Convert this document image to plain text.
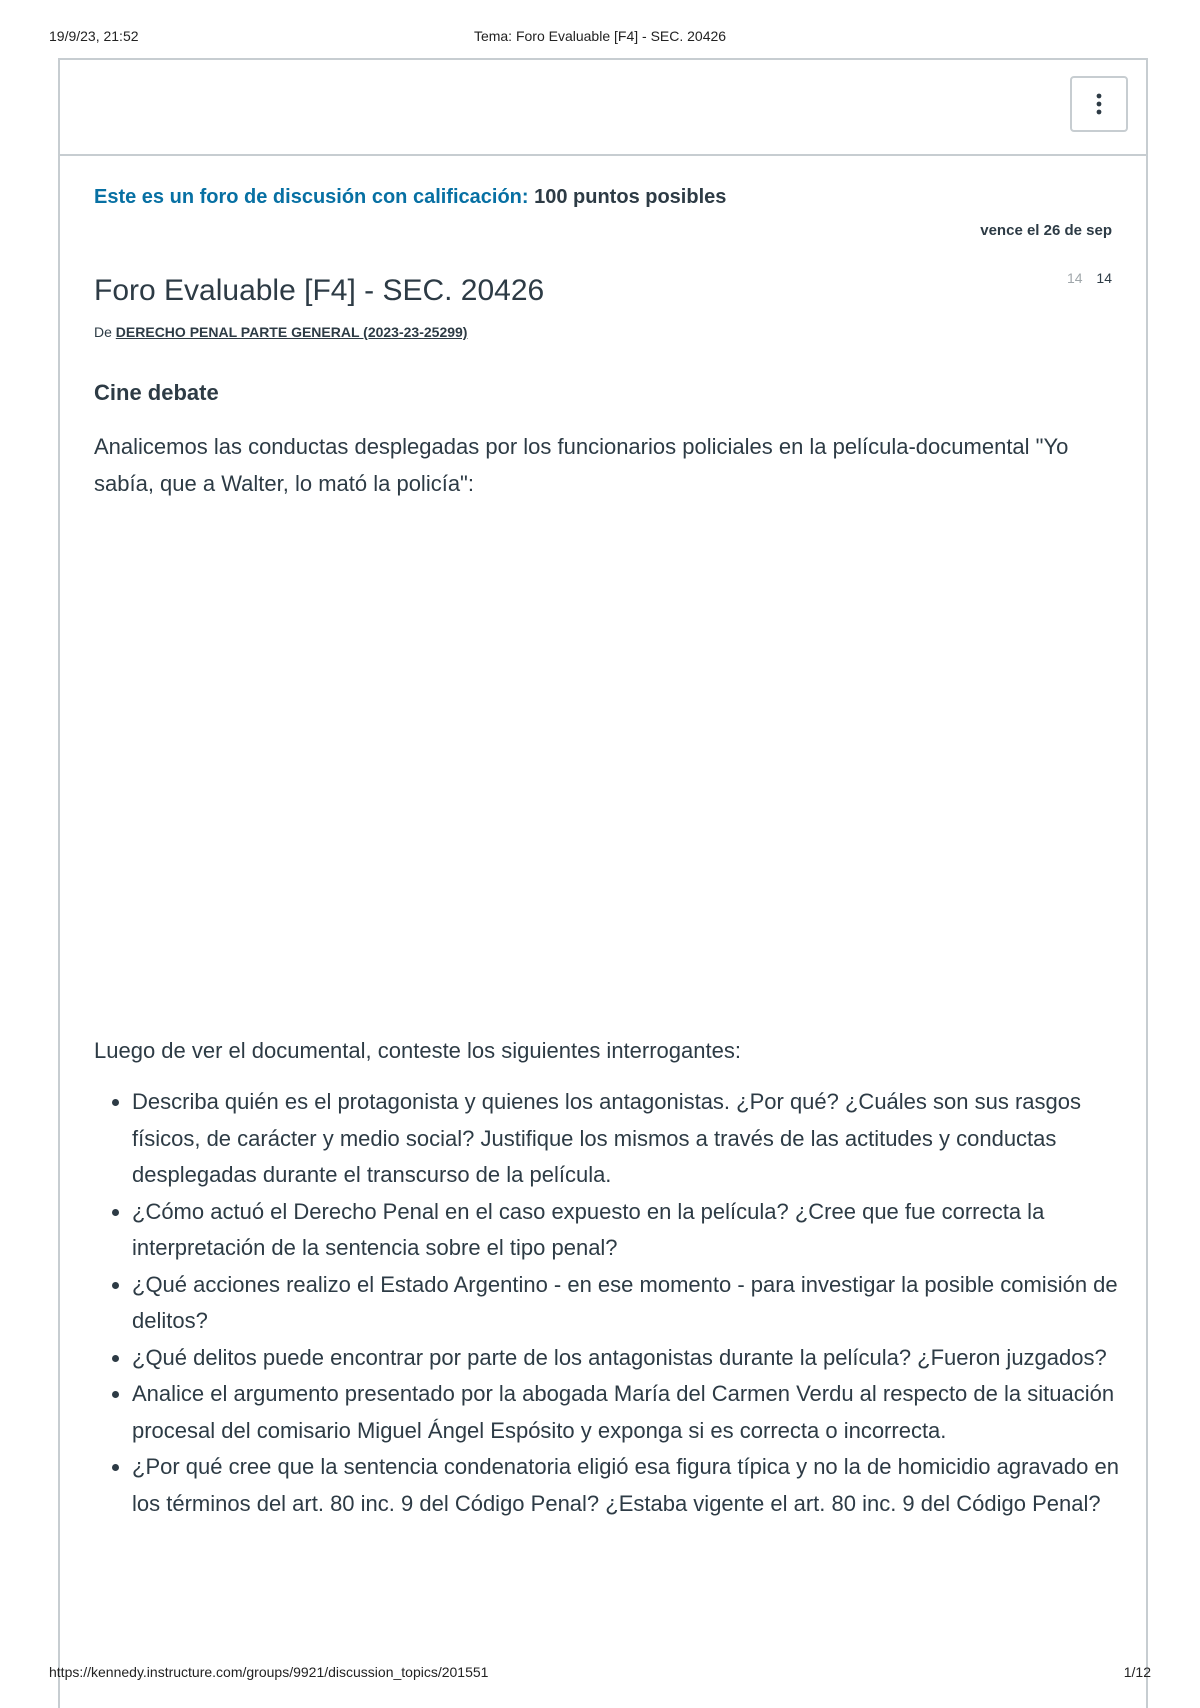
19/9/23, 21:52	Tema: Foro Evaluable [F4] - SEC. 20426
Este es un foro de discusión con calificación: 100 puntos posibles
vence el 26 de sep
14 14
Foro Evaluable [F4] - SEC. 20426
De DERECHO PENAL PARTE GENERAL (2023-23-25299)
Cine debate
Analicemos las conductas desplegadas por los funcionarios policiales en la película-documental "Yo sabía, que a Walter, lo mató la policía":
Luego de ver el documental, conteste los siguientes interrogantes:
• Describa quién es el protagonista y quienes los antagonistas. ¿Por qué? ¿Cuáles son sus rasgos físicos, de carácter y medio social? Justifique los mismos a través de las actitudes y conductas desplegadas durante el transcurso de la película.
• ¿Cómo actuó el Derecho Penal en el caso expuesto en la película? ¿Cree que fue correcta la interpretación de la sentencia sobre el tipo penal?
• ¿Qué acciones realizo el Estado Argentino - en ese momento - para investigar la posible comisión de delitos?
• ¿Qué delitos puede encontrar por parte de los antagonistas durante la película? ¿Fueron juzgados?
• Analice el argumento presentado por la abogada María del Carmen Verdu al respecto de la situación procesal del comisario Miguel Ángel Espósito y exponga si es correcta o incorrecta.
• ¿Por qué cree que la sentencia condenatoria eligió esa figura típica y no la de homicidio agravado en los términos del art. 80 inc. 9 del Código Penal? ¿Estaba vigente el art. 80 inc. 9 del Código Penal?
https://kennedy.instructure.com/groups/9921/discussion_topics/201551	1/12
